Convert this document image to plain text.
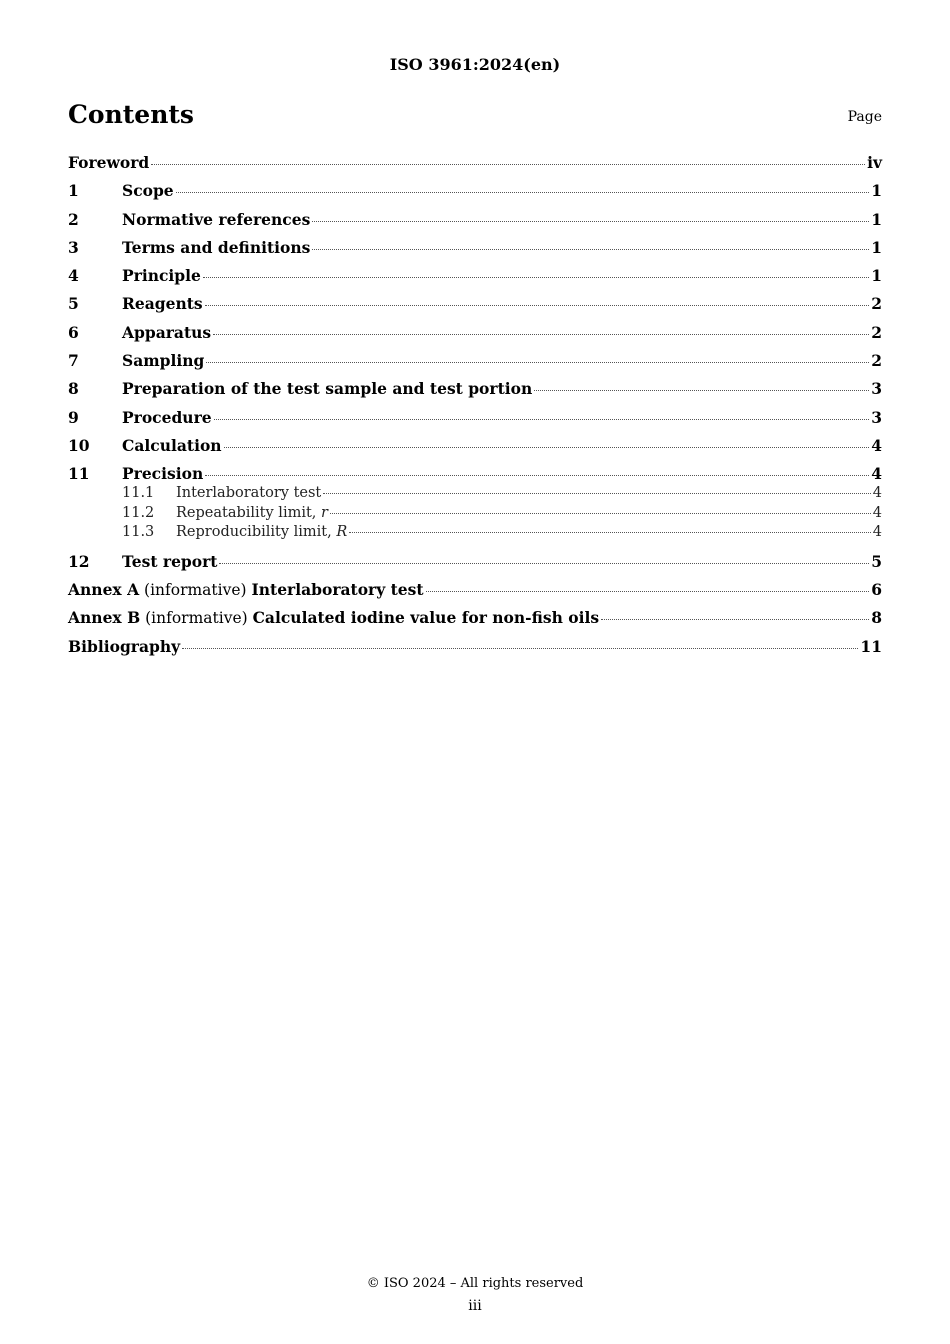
ISO 3961:2024(en)
Contents	Page
Foreword	iv
1	Scope	1
2	Normative references	1
3	Terms and definitions	1
4	Principle	1
5	Reagents	2
6	Apparatus	2
7	Sampling	2
8	Preparation of the test sample and test portion	3
9	Procedure	3
10	Calculation	4
11	Precision	4
11.1	Interlaboratory test	4
11.2	Repeatability limit, r	4
11.3	Reproducibility limit, R	4
12	Test report	5
Annex A (informative) Interlaboratory test	6
Annex B (informative) Calculated iodine value for non-fish oils	8
Bibliography	11
© ISO 2024 – All rights reserved
iii
